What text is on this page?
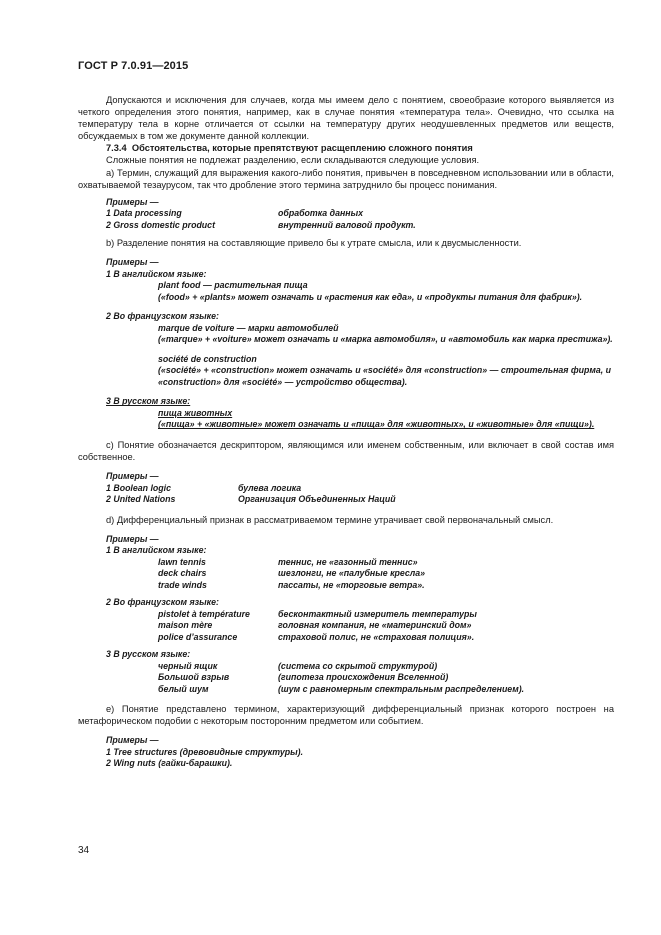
ГОСТ Р 7.0.91—2015

Допускаются и исключения для случаев, когда мы имеем дело с понятием, своеобразие которого выявляется из четкого определения этого понятия, например, как в случае понятия «температура тела». Очевидно, что ссылка на температуру тела в корне отличается от ссылки на температуру других неодушевленных предметов или веществ, обсуждаемых в том же документе данной коллекции.

7.3.4 Обстоятельства, которые препятствуют расщеплению сложного понятия

Сложные понятия не подлежат разделению, если складываются следующие условия.

а) Термин, служащий для выражения какого-либо понятия, привычен в повседневном использовании или в области, охватываемой тезаурусом, так что дробление этого термина затруднило бы процесс понимания.

Примеры —
1 Data processing	обработка данных
2 Gross domestic product	внутренний валовой продукт.

b) Разделение понятия на составляющие привело бы к утрате смысла, или к двусмысленности.

Примеры —
1 В английском языке:
plant food — растительная пища
(«food» + «plants» может означать и «растения как еда», и «продукты питания для фабрик»).
2 Во французском языке:
marque de voiture — марки автомобилей
(«marque» + «voiture» может означать и «марка автомобиля», и «автомобиль как марка престижа»).
société de construction
(«société» + «construction» может означать и «société» для «construction» — строительная фирма, и «construction» для «société» — устройство общества).
3 В русском языке:
пища животных
(«пища» + «животные» может означать и «пища» для «животных», и «животные» для «пищи»).

c) Понятие обозначается дескриптором, являющимся или именем собственным, или включает в свой состав имя собственное.

Примеры —
1 Boolean logic	булева логика
2 United Nations	Организация Объединенных Наций

d) Дифференциальный признак в рассматриваемом термине утрачивает свой первоначальный смысл.

Примеры —
1 В английском языке:
lawn tennis	теннис, не «газонный теннис»
deck chairs	шезлонги, не «палубные кресла»
trade winds	пассаты, не «торговые ветра».
2 Во французском языке:
pistolet à température	бесконтактный измеритель температуры
maison mère	головная компания, не «материнский дом»
police d’assurance	страховой полис, не «страховая полиция».
3 В русском языке:
черный ящик	(система со скрытой структурой)
Большой взрыв	(гипотеза происхождения Вселенной)
белый шум	(шум с равномерным спектральным распределением).

e) Понятие представлено термином, характеризующий дифференциальный признак которого построен на метафорическом подобии с некоторым посторонним предметом или событием.

Примеры —
1 Tree structures (древовидные структуры).
2 Wing nuts (гайки-барашки).
34
